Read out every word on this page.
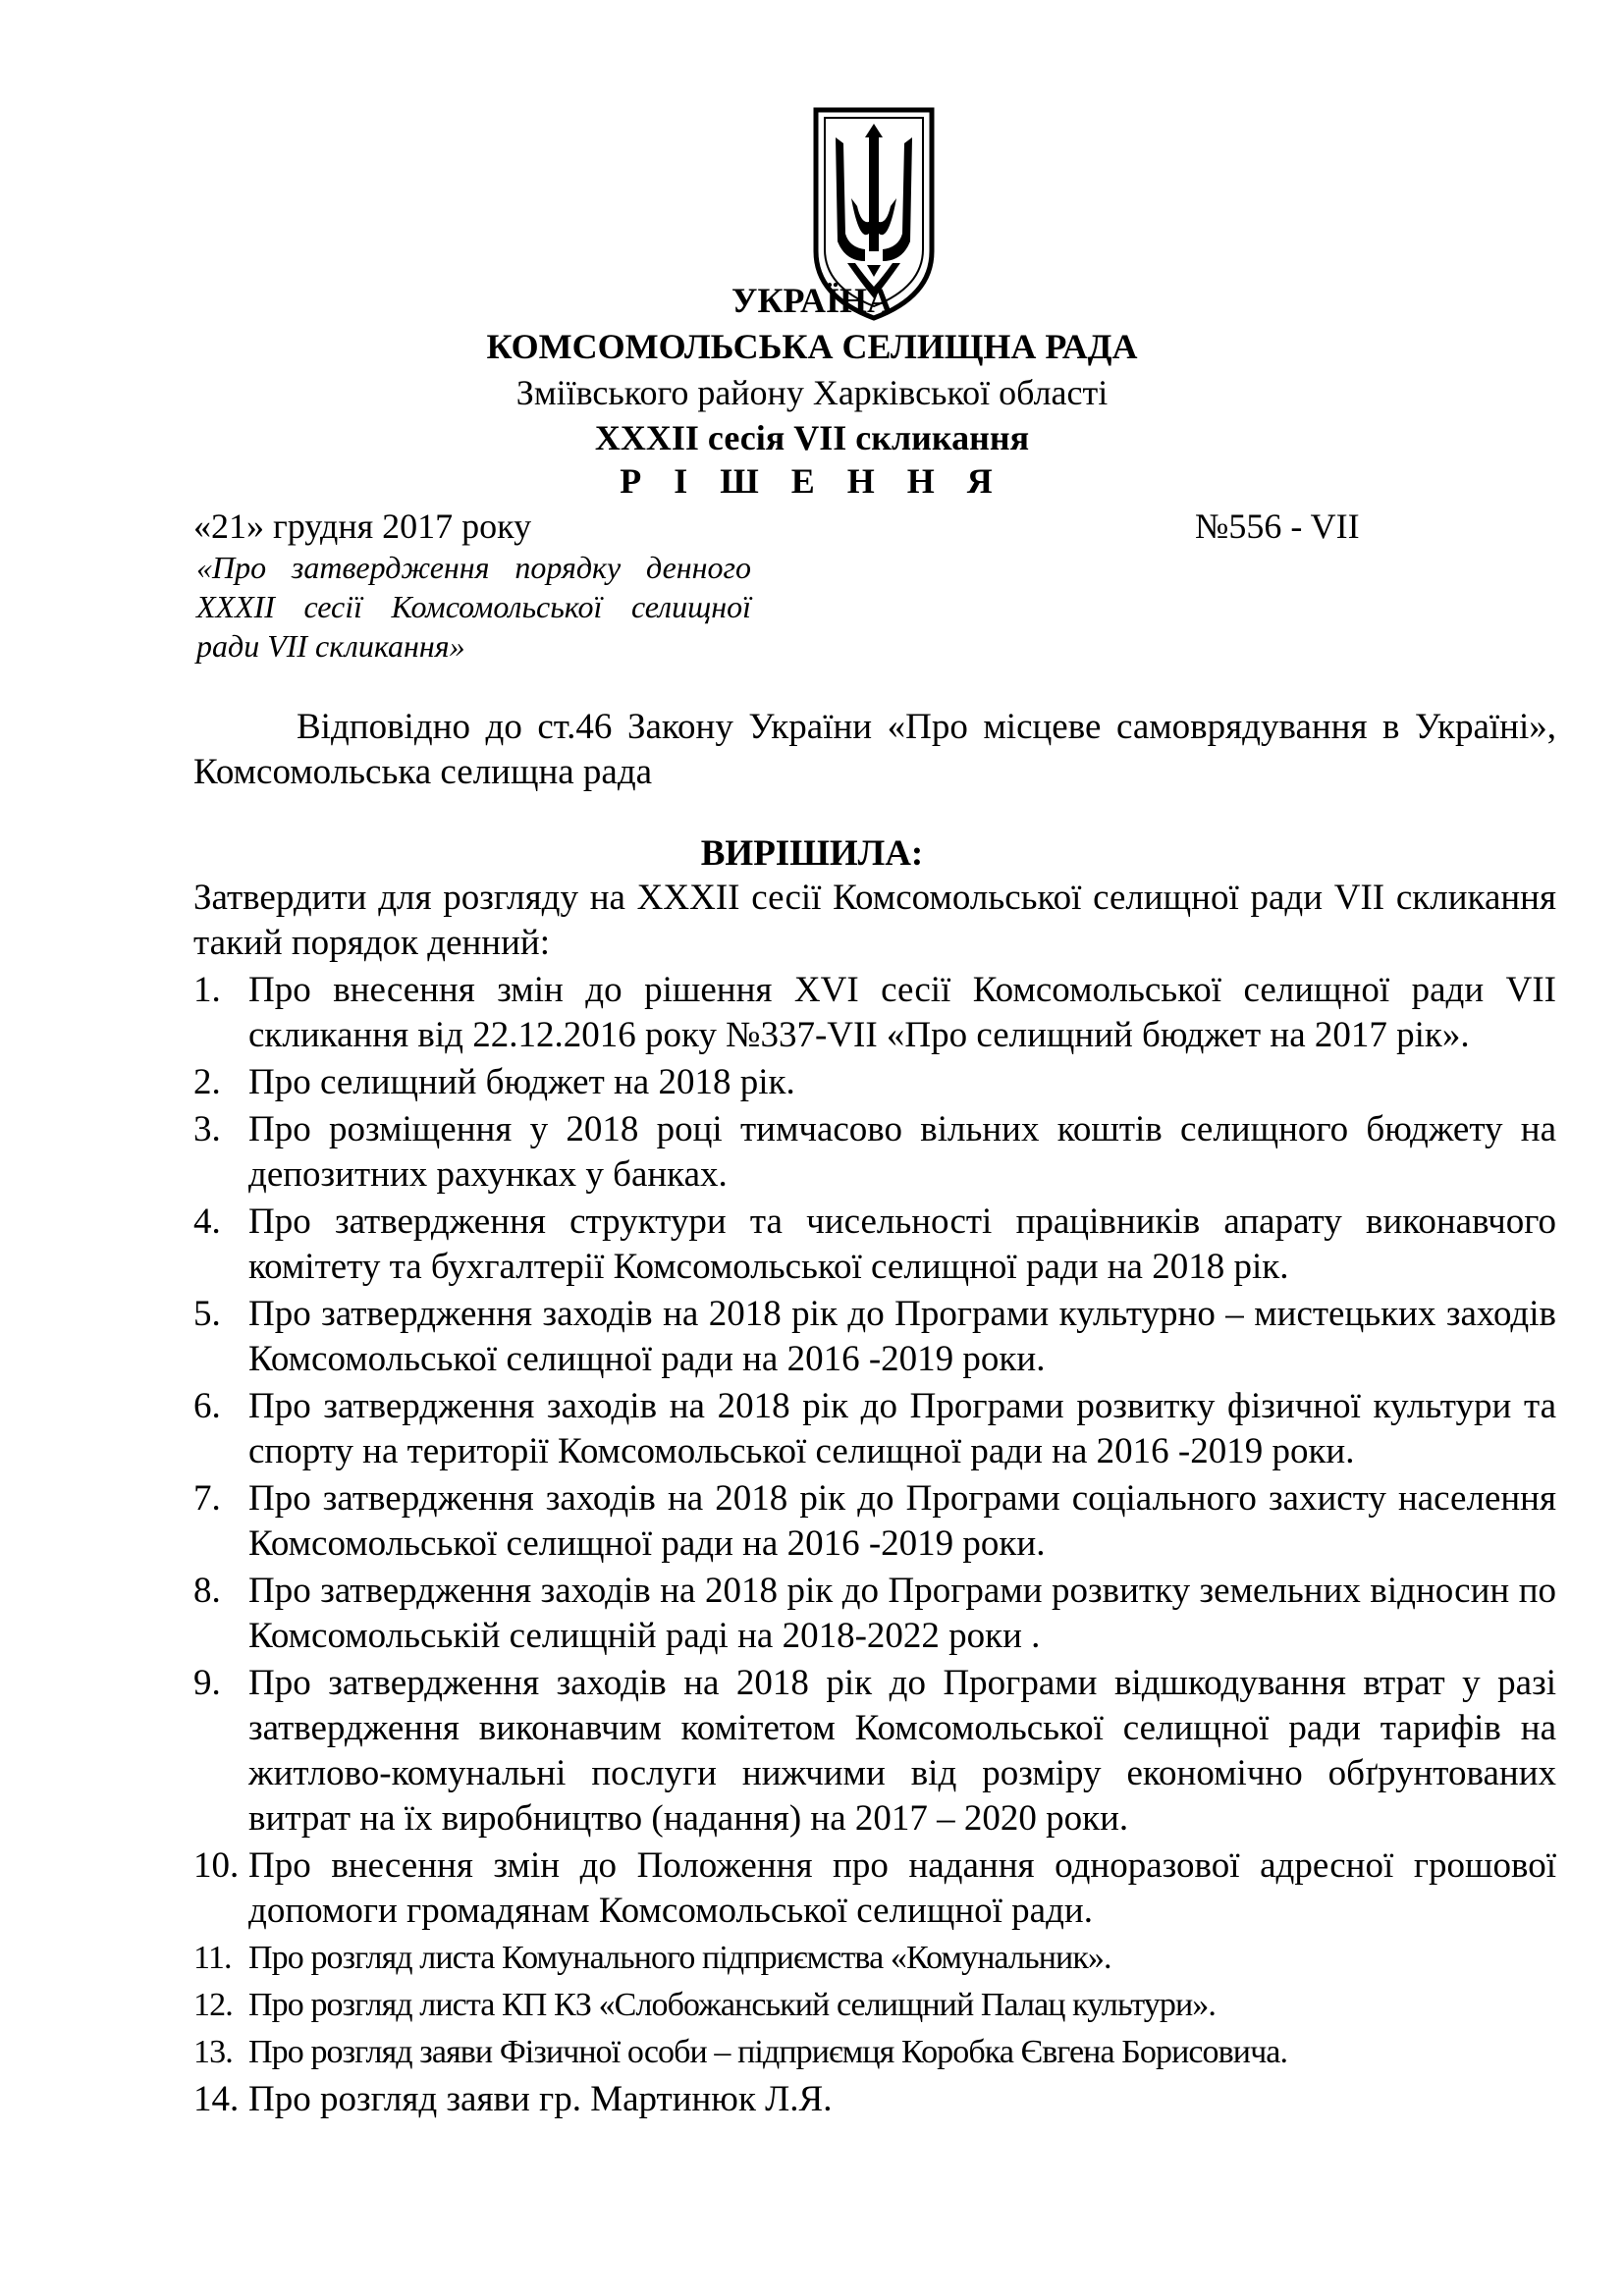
УКРАЇНА
КОМСОМОЛЬСЬКА СЕЛИЩНА РАДА
Зміївського району Харківської області
XXXII сесія VII скликання
Р І Ш Е Н Н Я
«21» грудня 2017 року	№556 - VII
«Про затвердження порядку денного XXXII сесії Комсомольської селищної ради VII скликання»
Відповідно до ст.46 Закону України «Про місцеве самоврядування в Україні», Комсомольська селищна рада
ВИРІШИЛА:
Затвердити для розгляду на XXXII сесії Комсомольської селищної ради VII скликання такий порядок денний:
1. Про внесення змін до рішення XVI сесії Комсомольської селищної ради VII скликання від 22.12.2016 року №337-VII «Про селищний бюджет на 2017 рік».
2. Про селищний бюджет на 2018 рік.
3. Про розміщення у 2018 році тимчасово вільних коштів селищного бюджету на депозитних рахунках у банках.
4. Про затвердження структури та чисельності працівників апарату виконавчого комітету та бухгалтерії Комсомольської селищної ради на 2018 рік.
5. Про затвердження заходів на 2018 рік до Програми культурно – мистецьких заходів Комсомольської селищної ради на 2016 -2019 роки.
6. Про затвердження заходів на 2018 рік до Програми розвитку фізичної культури та спорту на території Комсомольської селищної ради на 2016 -2019 роки.
7. Про затвердження заходів на 2018 рік до Програми соціального захисту населення Комсомольської селищної ради на 2016 -2019 роки.
8. Про затвердження заходів на 2018 рік до Програми розвитку земельних відносин по Комсомольській селищній раді на 2018-2022 роки .
9. Про затвердження заходів на 2018 рік до Програми відшкодування втрат у разі затвердження виконавчим комітетом Комсомольської селищної ради тарифів на житлово-комунальні послуги нижчими від розміру економічно обґрунтованих витрат на їх виробництво (надання) на 2017 – 2020 роки.
10. Про внесення змін до Положення про надання одноразової адресної грошової допомоги громадянам Комсомольської селищної ради.
11. Про розгляд листа Комунального підприємства «Комунальник».
12. Про розгляд листа КП КЗ «Слобожанський селищний Палац культури».
13. Про розгляд заяви Фізичної особи – підприємця Коробка Євгена Борисовича.
14. Про розгляд заяви гр. Мартинюк Л.Я.
